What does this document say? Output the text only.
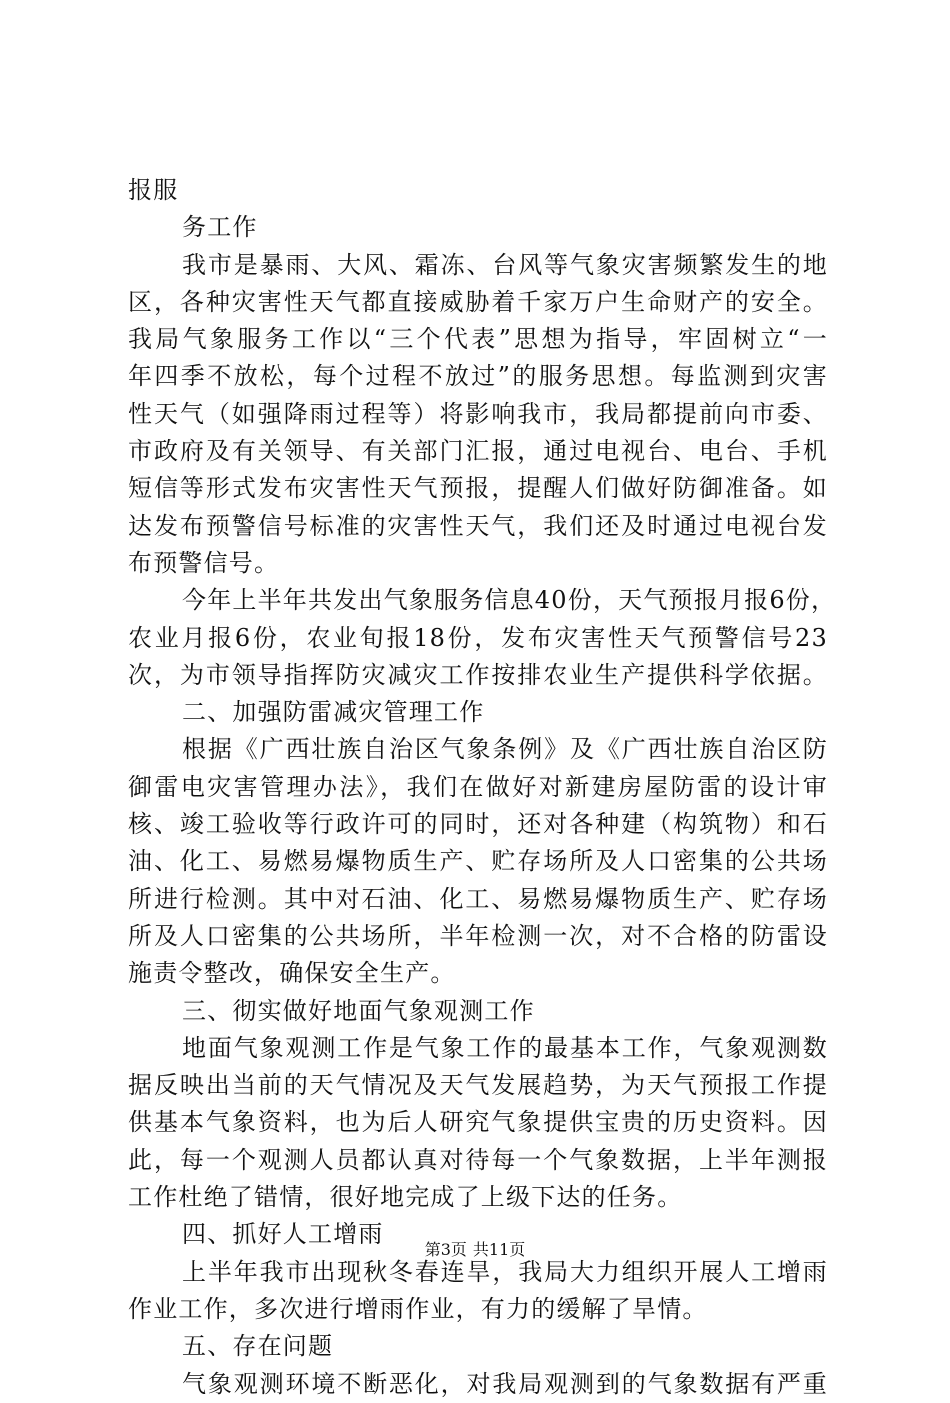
报服
务工作
我市是暴雨、大风、霜冻、台风等气象灾害频繁发生的地
区，各种灾害性天气都直接威胁着千家万户生命财产的安全。
我局气象服务工作以“三个代表”思想为指导，牢固树立“一
年四季不放松，每个过程不放过”的服务思想。每监测到灾害
性天气（如强降雨过程等）将影响我市，我局都提前向市委、
市政府及有关领导、有关部门汇报，通过电视台、电台、手机
短信等形式发布灾害性天气预报，提醒人们做好防御准备。如
达发布预警信号标准的灾害性天气，我们还及时通过电视台发
布预警信号。
今年上半年共发出气象服务信息40份，天气预报月报6份，
农业月报6份，农业旬报18份，发布灾害性天气预警信号23
次，为市领导指挥防灾减灾工作按排农业生产提供科学依据。
二、加强防雷减灾管理工作
根据《广西壮族自治区气象条例》及《广西壮族自治区防
御雷电灾害管理办法》，我们在做好对新建房屋防雷的设计审
核、竣工验收等行政许可的同时，还对各种建（构筑物）和石
油、化工、易燃易爆物质生产、贮存场所及人口密集的公共场
所进行检测。其中对石油、化工、易燃易爆物质生产、贮存场
所及人口密集的公共场所，半年检测一次，对不合格的防雷设
施责令整改，确保安全生产。
三、彻实做好地面气象观测工作
地面气象观测工作是气象工作的最基本工作，气象观测数
据反映出当前的天气情况及天气发展趋势，为天气预报工作提
供基本气象资料，也为后人研究气象提供宝贵的历史资料。因
此，每一个观测人员都认真对待每一个气象数据，上半年测报
工作杜绝了错情，很好地完成了上级下达的任务。
四、抓好人工增雨
上半年我市出现秋冬春连旱，我局大力组织开展人工增雨
作业工作，多次进行增雨作业，有力的缓解了旱情。
五、存在问题
气象观测环境不断恶化，对我局观测到的气象数据有严重
第3页 共11页
